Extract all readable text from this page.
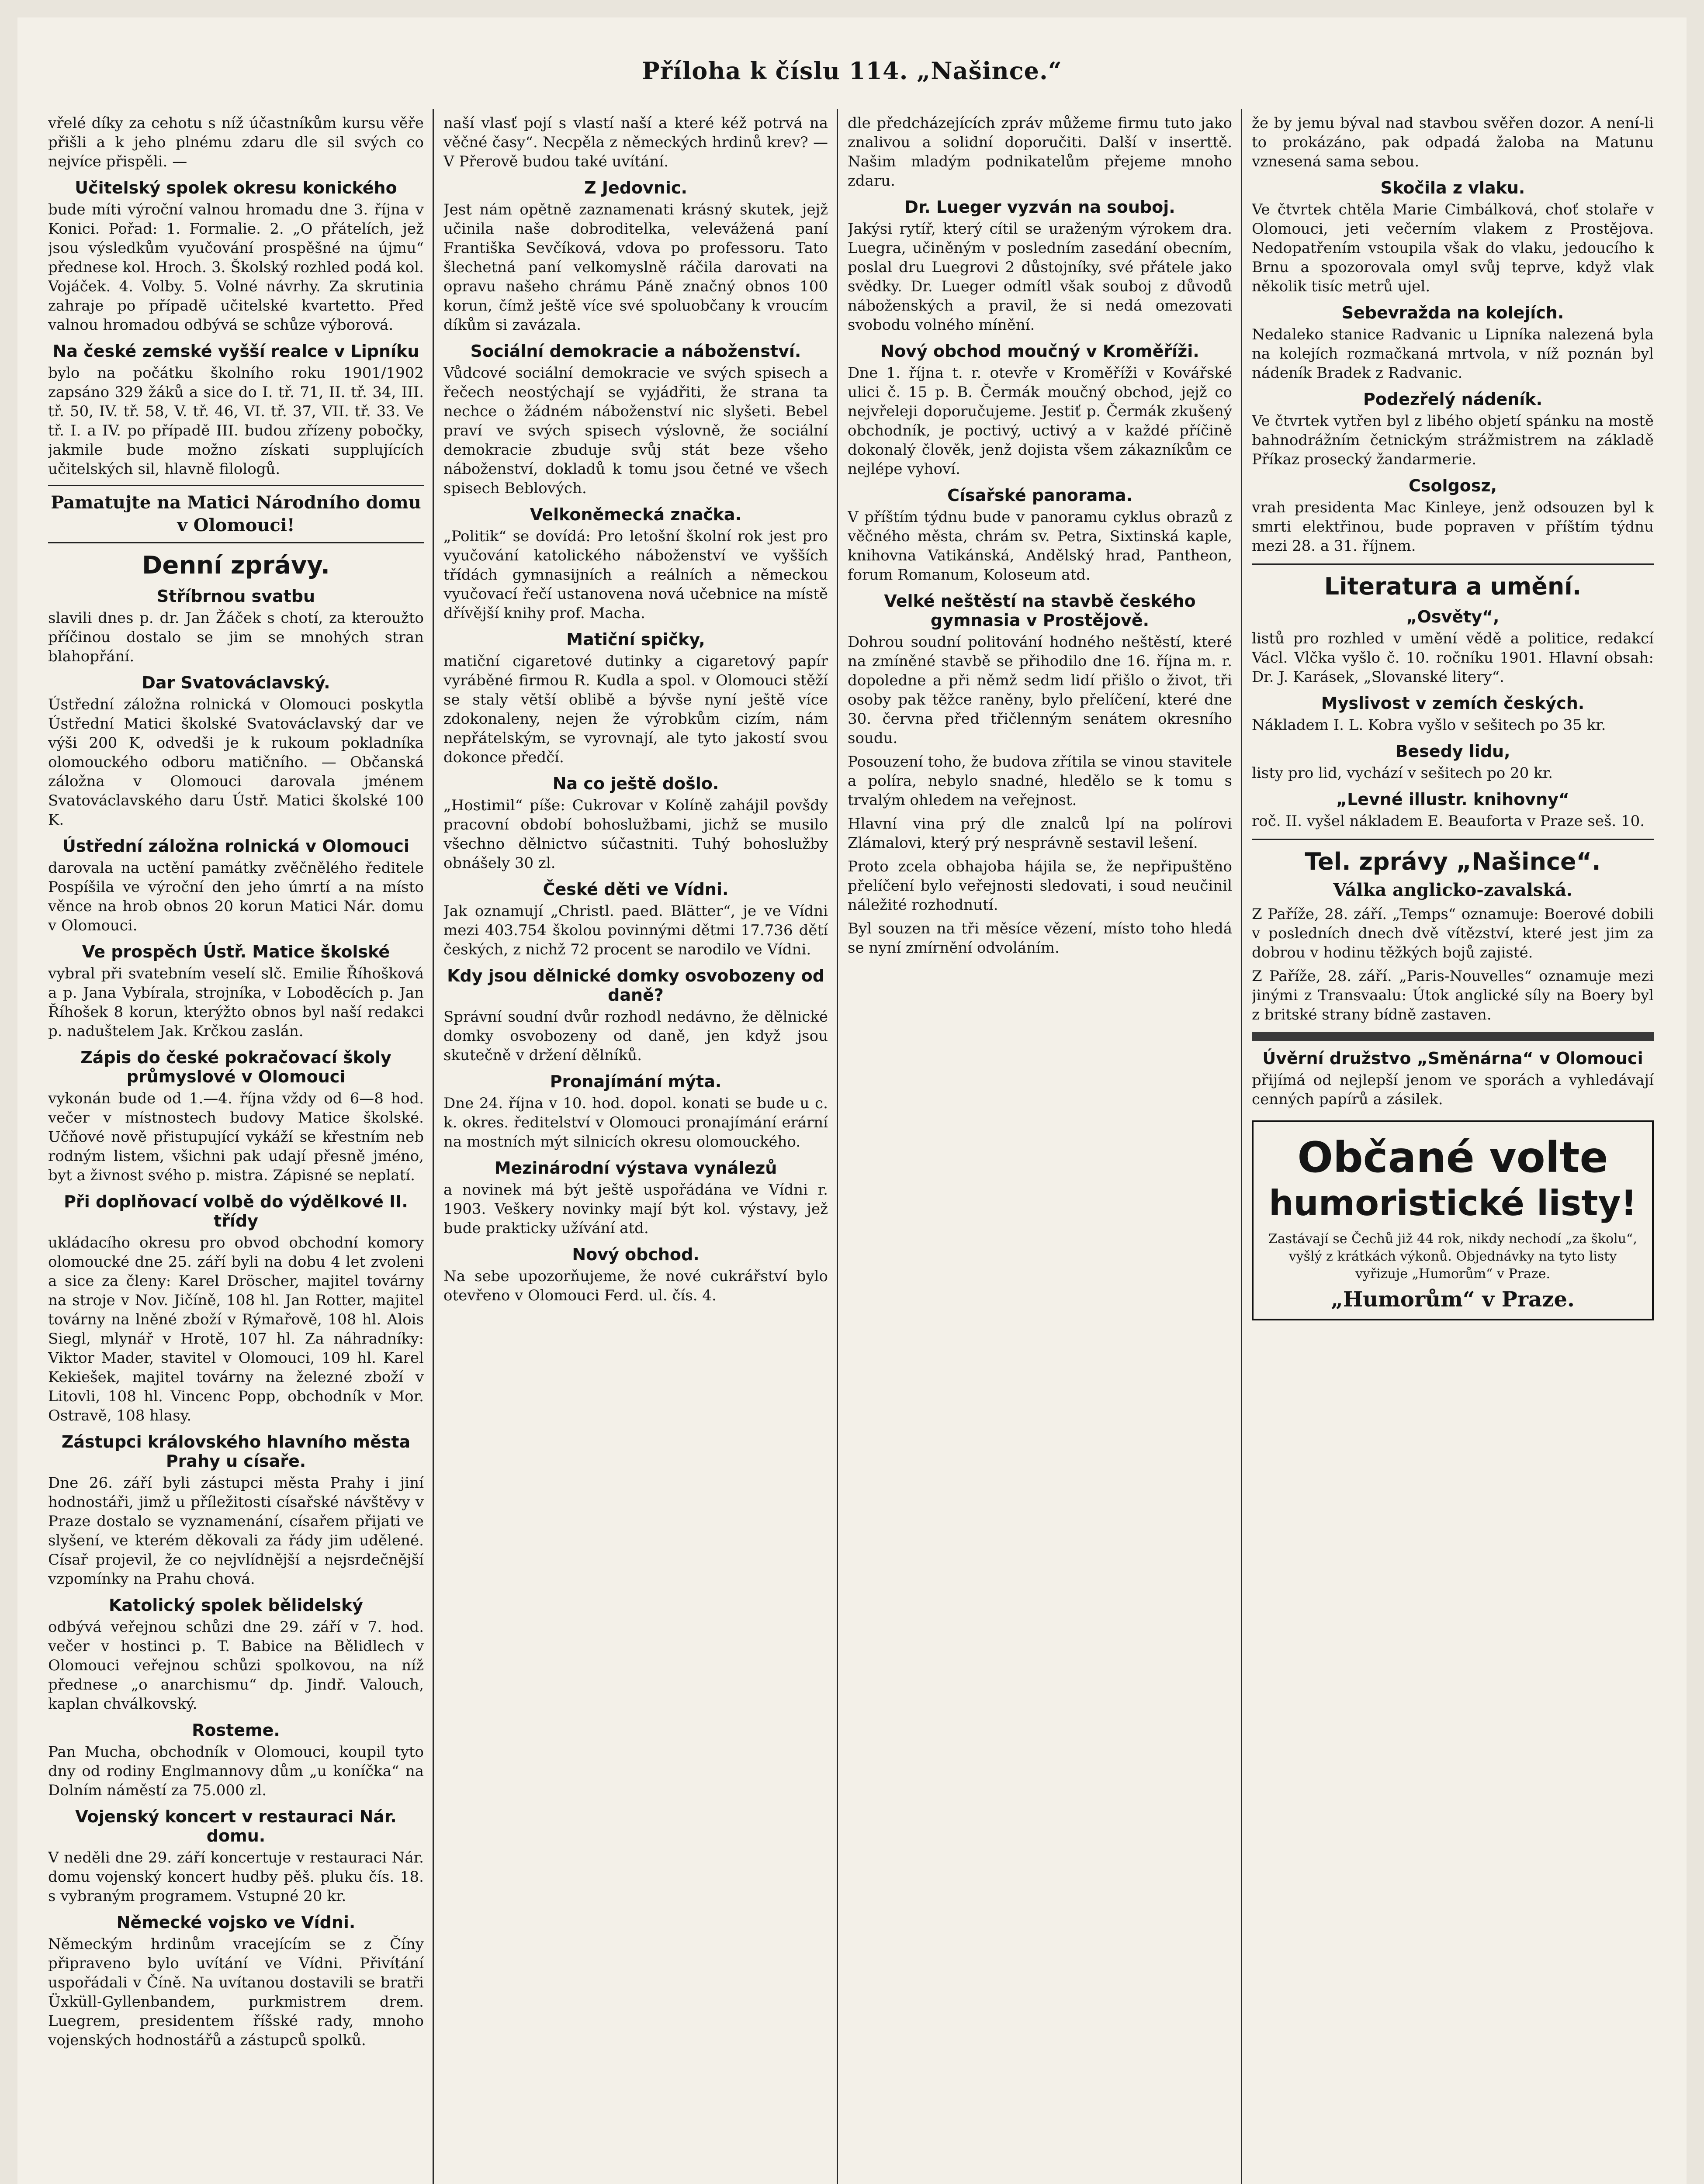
Příloha k číslu 114. „Našince.“

vřelé díky za cehotu s níž účastníkům kursu věře přišli a k jeho plnému zdaru dle sil svých co nejvíce přispěli. —

Učitelský spolek okresu konického

bude míti výroční valnou hromadu dne 3. října v Konici. Pořad: 1. Formalie. 2. „O přátelích, jež jsou výsledkům vyučování prospěšné na újmu“ přednese kol. Hroch. 3. Školský rozhled podá kol. Vojáček. 4. Volby. 5. Volné návrhy. Za skrutinia zahraje po případě učitelské kvartetto. Před valnou hromadou odbývá se schůze výborová.

Na české zemské vyšší realce v Lipníku

bylo na počátku školního roku 1901/1902 zapsáno 329 žáků a sice do I. tř. 71, II. tř. 34, III. tř. 50, IV. tř. 58, V. tř. 46, VI. tř. 37, VII. tř. 33. Ve tř. I. a IV. po případě III. budou zřízeny pobočky, jakmile bude možno získati supplujících učitelských sil, hlavně filologů.

Pamatujte na Matici Národního domu v Olomouci!
Denní zprávy.
Stříbrnou svatbu

slavili dnes p. dr. Jan Žáček s chotí, za kteroužto příčinou dostalo se jim se mnohých stran blahopřání.

Dar Svatováclavský.

Ústřední záložna rolnická v Olomouci poskytla Ústřední Matici školské Svatováclavský dar ve výši 200 K, odvedši je k rukoum pokladníka olomouckého odboru matičního. — Občanská záložna v Olomouci darovala jménem Svatováclavského daru Ústř. Matici školské 100 K.

Ústřední záložna rolnická v Olomouci

darovala na uctění památky zvěčnělého ředitele Pospíšila ve výroční den jeho úmrtí a na místo věnce na hrob obnos 20 korun Matici Nár. domu v Olomouci.

Ve prospěch Ústř. Matice školské

vybral při svatebním veselí slč. Emilie Říhošková a p. Jana Vybírala, strojníka, v Loboděcích p. Jan Říhošek 8 korun, kterýžto obnos byl naší redakci p. naduštelem Jak. Krčkou zaslán.

Zápis do české pokračovací školy průmyslové v Olomouci

vykonán bude od 1.—4. října vždy od 6—8 hod. večer v místnostech budovy Matice školské. Učňové nově přistupující vykáží se křestním neb rodným listem, všichni pak udají přesně jméno, byt a živnost svého p. mistra. Zápisné se neplatí.

Při doplňovací volbě do výdělkové II. třídy

ukládacího okresu pro obvod obchodní komory olomoucké dne 25. září byli na dobu 4 let zvoleni a sice za členy: Karel Dröscher, majitel továrny na stroje v Nov. Jičíně, 108 hl. Jan Rotter, majitel továrny na lněné zboží v Rýmařově, 108 hl. Alois Siegl, mlynář v Hrotě, 107 hl. Za náhradníky: Viktor Mader, stavitel v Olomouci, 109 hl. Karel Kekiešek, majitel továrny na železné zboží v Litovli, 108 hl. Vincenc Popp, obchodník v Mor. Ostravě, 108 hlasy.

Zástupci královského hlavního města Prahy u císaře.

Dne 26. září byli zástupci města Prahy i jiní hodnostáři, jimž u příležitosti císařské návštěvy v Praze dostalo se vyznamenání, císařem přijati ve slyšení, ve kterém děkovali za řády jim udělené. Císař projevil, že co nejvlídnější a nejsrdečnější vzpomínky na Prahu chová.

Katolický spolek bělidelský

odbývá veřejnou schůzi dne 29. září v 7. hod. večer v hostinci p. T. Babice na Bělidlech v Olomouci veřejnou schůzi spolkovou, na níž přednese „o anarchismu“ dp. Jindř. Valouch, kaplan chválkovský.

Rosteme.

Pan Mucha, obchodník v Olomouci, koupil tyto dny od rodiny Englmannovy dům „u koníčka“ na Dolním náměstí za 75.000 zl.

Vojenský koncert v restauraci Nár. domu.

V neděli dne 29. září koncertuje v restauraci Nár. domu vojenský koncert hudby pěš. pluku čís. 18. s vybraným programem. Vstupné 20 kr.

Německé vojsko ve Vídni.

Německým hrdinům vracejícím se z Číny připraveno bylo uvítání ve Vídni. Přivítání uspořádali v Číně. Na uvítanou dostavili se bratři Üxküll-Gyllenbandem, purkmistrem drem. Luegrem, presidentem říšské rady, mnoho vojenských hodnostářů a zástupců spolků.

naší vlasť pojí s vlastí naší a které kéž potrvá na věčné časy“. Necpěla z německých hrdinů krev? — V Přerově budou také uvítání.

Z Jedovnic.

Jest nám opětně zaznamenati krásný skutek, jejž učinila naše dobroditelka, velevážená paní Františka Sevčíková, vdova po professoru. Tato šlechetná paní velkomyslně ráčila darovati na opravu našeho chrámu Páně značný obnos 100 korun, čímž ještě více své spoluobčany k vroucím díkům si zavázala.

Sociální demokracie a náboženství.

Vůdcové sociální demokracie ve svých spisech a řečech neostýchají se vyjádřiti, že strana ta nechce o žádném náboženství nic slyšeti. Bebel praví ve svých spisech výslovně, že sociální demokracie zbuduje svůj stát beze všeho náboženství, dokladů k tomu jsou četné ve všech spisech Beblových.

Velkoněmecká značka.

„Politik“ se dovídá: Pro letošní školní rok jest pro vyučování katolického náboženství ve vyšších třídách gymnasijních a reálních a německou vyučovací řečí ustanovena nová učebnice na místě dřívější knihy prof. Macha.

Matiční spičky,

matiční cigaretové dutinky a cigaretový papír vyráběné firmou R. Kudla a spol. v Olomouci stěží se staly větší oblibě a bývše nyní ještě více zdokonaleny, nejen že výrobkům cizím, nám nepřátelským, se vyrovnají, ale tyto jakostí svou dokonce předčí.

Na co ještě došlo.

„Hostimil“ píše: Cukrovar v Kolíně zahájil povšdy pracovní období bohoslužbami, jichž se musilo všechno dělnictvo súčastniti. Tuhý bohoslužby obnášely 30 zl.

České děti ve Vídni.

Jak oznamují „Christl. paed. Blätter“, je ve Vídni mezi 403.754 školou povinnými dětmi 17.736 dětí českých, z nichž 72 procent se narodilo ve Vídni.

Kdy jsou dělnické domky osvobozeny od daně?

Správní soudní dvůr rozhodl nedávno, že dělnické domky osvobozeny od daně, jen když jsou skutečně v držení dělníků.

Pronajímání mýta.

Dne 24. října v 10. hod. dopol. konati se bude u c. k. okres. ředitelství v Olomouci pronajímání erární na mostních mýt silnicích okresu olomouckého.

Mezinárodní výstava vynálezů

a novinek má být ještě uspořádána ve Vídni r. 1903. Veškery novinky mají být kol. výstavy, jež bude prakticky užívání atd.

Nový obchod.

Na sebe upozorňujeme, že nové cukrářství bylo otevřeno v Olomouci Ferd. ul. čís. 4.

dle předcházejících zpráv můžeme firmu tuto jako znalivou a solidní doporučiti. Další v inserttě. Našim mladým podnikatelům přejeme mnoho zdaru.

Dr. Lueger vyzván na souboj.

Jakýsi rytíř, který cítil se uraženým výrokem dra. Luegra, učiněným v posledním zasedání obecním, poslal dru Luegrovi 2 důstojníky, své přátele jako svědky. Dr. Lueger odmítl však souboj z důvodů náboženských a pravil, že si nedá omezovati svobodu volného mínění.

Nový obchod moučný v Kroměříži.

Dne 1. října t. r. otevře v Kroměříži v Kovářské ulici č. 15 p. B. Čermák moučný obchod, jejž co nejvřeleji doporučujeme. Jestiť p. Čermák zkušený obchodník, je poctivý, uctivý a v každé příčině dokonalý člověk, jenž dojista všem zákazníkům ce nejlépe vyhoví.

Císařské panorama.

V příštím týdnu bude v panoramu cyklus obrazů z věčného města, chrám sv. Petra, Sixtinská kaple, knihovna Vatikánská, Andělský hrad, Pantheon, forum Romanum, Koloseum atd.

Velké neštěstí na stavbě českého gymnasia v Prostějově.

Dohrou soudní politování hodného neštěstí, které na zmíněné stavbě se přihodilo dne 16. října m. r. dopoledne a při němž sedm lidí přišlo o život, tři osoby pak těžce raněny, bylo přelíčení, které dne 30. června před třičlenným senátem okresního soudu.

Posouzení toho, že budova zřítila se vinou stavitele a políra, nebylo snadné, hledělo se k tomu s trvalým ohledem na veřejnost.

Hlavní vina prý dle znalců lpí na polírovi Zlámalovi, který prý nesprávně sestavil lešení.

Proto zcela obhajoba hájila se, že nepřipuštěno přelíčení bylo veřejnosti sledovati, i soud neučinil náležité rozhodnutí.

Byl souzen na tři měsíce vězení, místo toho hledá se nyní zmírnění odvoláním.

že by jemu býval nad stavbou svěřen dozor. A není-li to prokázáno, pak odpadá žaloba na Matunu vznesená sama sebou.

Skočila z vlaku.

Ve čtvrtek chtěla Marie Cimbálková, choť stolaře v Olomouci, jeti večerním vlakem z Prostějova. Nedopatřením vstoupila však do vlaku, jedoucího k Brnu a spozorovala omyl svůj teprve, když vlak několik tisíc metrů ujel.

Sebevražda na kolejích.

Nedaleko stanice Radvanic u Lipníka nalezená byla na kolejích rozmačkaná mrtvola, v níž poznán byl nádeník Bradek z Radvanic.

Podezřelý nádeník.

Ve čtvrtek vytřen byl z libého objetí spánku na mostě bahnodrážním četnickým strážmistrem na základě Příkaz prosecký žandarmerie.

Csolgosz,

vrah presidenta Mac Kinleye, jenž odsouzen byl k smrti elektřinou, bude popraven v příštím týdnu mezi 28. a 31. říjnem.

Literatura a umění.
„Osvěty“,

listů pro rozhled v umění vědě a politice, redakcí Václ. Vlčka vyšlo č. 10. ročníku 1901. Hlavní obsah: Dr. J. Karásek, „Slovanské litery“.

Myslivost v zemích českých.

Nákladem I. L. Kobra vyšlo v sešitech po 35 kr.

Besedy lidu,

listy pro lid, vychází v sešitech po 20 kr.

„Levné illustr. knihovny“

roč. II. vyšel nákladem E. Beauforta v Praze seš. 10.

Tel. zprávy „Našince“.
Válka anglicko-zavalská.

Z Paříže, 28. září. „Temps“ oznamuje: Boerové dobili v posledních dnech dvě vítězství, které jest jim za dobrou v hodinu těžkých bojů zajisté.

Z Paříže, 28. září. „Paris-Nouvelles“ oznamuje mezi jinými z Transvaalu: Útok anglické síly na Boery byl z britské strany bídně zastaven.

Úvěrní družstvo „Směnárna“ v Olomouci

přijímá od nejlepší jenom ve sporách a vyhledávají cenných papírů a zásilek.

Občané volte
humoristické listy!

Zastávají se Čechů již 44 rok, nikdy nechodí „za školu“, vyšlý z krátkách výkonů. Objednávky na tyto listy vyřizuje „Humorům“ v Praze.

„Humorům“ v Praze.
